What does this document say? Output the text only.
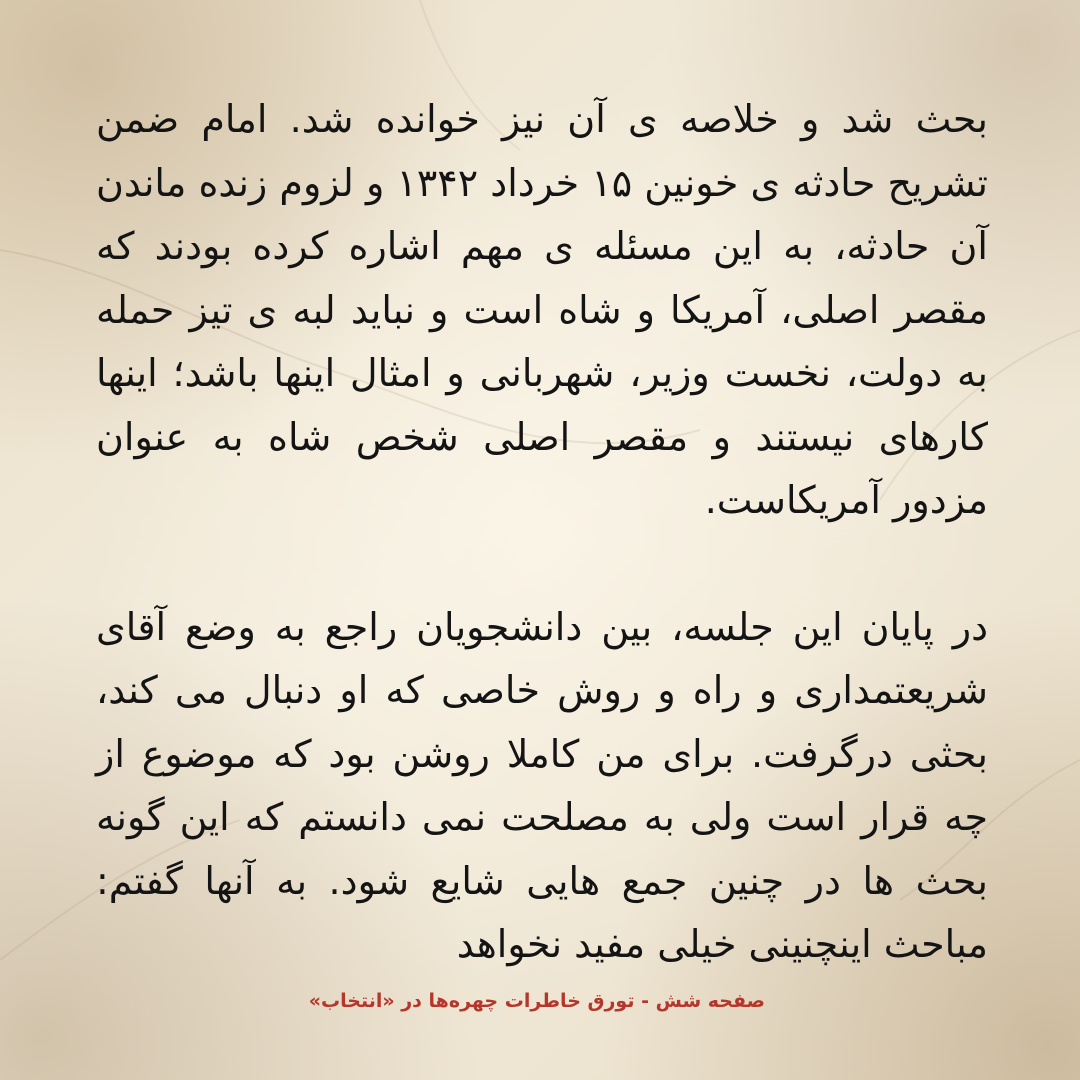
بحث شد و خلاصه ی آن نیز خوانده شد. امام ضمن تشریح حادثه ی خونین ۱۵ خرداد ۱۳۴۲ و لزوم زنده ماندن آن حادثه، به این مسئله ی مهم اشاره کرده بودند که مقصر اصلی، آمریکا و شاه است و نباید لبه ی تیز حمله به دولت، نخست وزیر، شهربانی و امثال اینها باشد؛ اینها کارهای نیستند و مقصر اصلی شخص شاه به عنوان مزدور آمریکاست.

در پایان این جلسه، بین دانشجویان راجع به وضع آقای شریعتمداری و راه و روش خاصی که او دنبال می کند، بحثی درگرفت. برای من کاملا روشن بود که موضوع از چه قرار است ولی به مصلحت نمی دانستم که این گونه بحث ها در چنین جمع هایی شایع شود. به آنها گفتم: مباحث اینچنینی خیلی مفید نخواهد

صفحه شش - تورق خاطرات چهره‌ها در «انتخاب»
